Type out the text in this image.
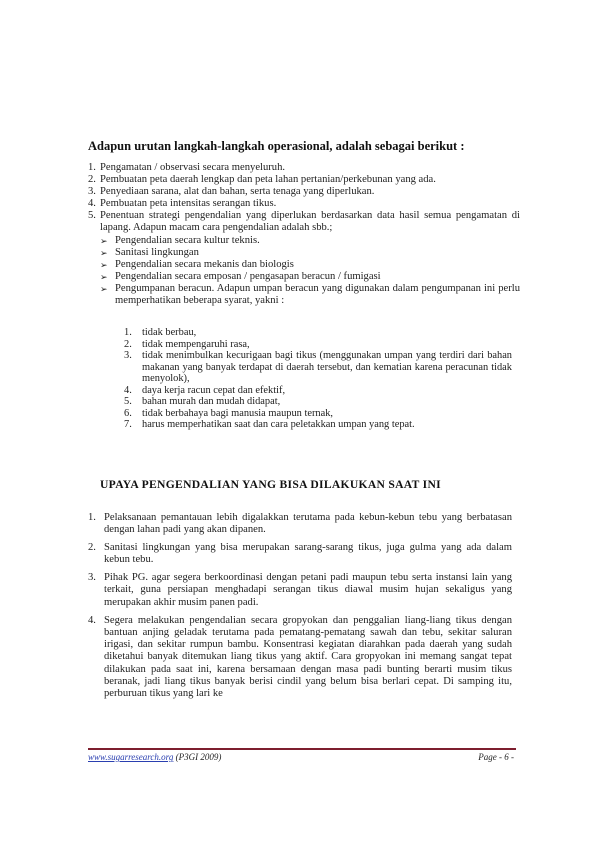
Adapun urutan langkah-langkah operasional, adalah sebagai berikut :
1. Pengamatan / observasi secara menyeluruh.
2. Pembuatan peta daerah lengkap dan peta lahan pertanian/perkebunan yang ada.
3. Penyediaan sarana, alat dan bahan, serta tenaga yang diperlukan.
4. Pembuatan peta intensitas serangan tikus.
5. Penentuan strategi pengendalian yang diperlukan berdasarkan data hasil semua pengamatan di lapang. Adapun macam cara pengendalian adalah sbb.;
➢ Pengendalian secara kultur teknis.
➢ Sanitasi lingkungan
➢ Pengendalian secara mekanis dan biologis
➢ Pengendalian secara emposan / pengasapan beracun / fumigasi
➢ Pengumpanan beracun. Adapun umpan beracun yang digunakan dalam pengumpanan ini perlu memperhatikan beberapa syarat, yakni :
1. tidak berbau,
2. tidak mempengaruhi rasa,
3. tidak menimbulkan kecurigaan bagi tikus (menggunakan umpan yang terdiri dari bahan makanan yang banyak terdapat di daerah tersebut, dan kematian karena peracunan tidak menyolok),
4. daya kerja racun cepat dan efektif,
5. bahan murah dan mudah didapat,
6. tidak berbahaya bagi manusia maupun ternak,
7. harus memperhatikan saat dan cara peletakkan umpan yang tepat.
UPAYA PENGENDALIAN YANG BISA DILAKUKAN SAAT INI
1. Pelaksanaan pemantauan lebih digalakkan terutama pada kebun-kebun tebu yang berbatasan dengan lahan padi yang akan dipanen.
2. Sanitasi lingkungan yang bisa merupakan sarang-sarang tikus, juga gulma yang ada dalam kebun tebu.
3. Pihak PG. agar segera berkoordinasi dengan petani padi maupun tebu serta instansi lain yang terkait, guna persiapan menghadapi serangan tikus diawal musim hujan sekaligus yang merupakan akhir musim panen padi.
4. Segera melakukan pengendalian secara gropyokan dan penggalian liang-liang tikus dengan bantuan anjing geladak terutama pada pematang-pematang sawah dan tebu, sekitar saluran irigasi, dan sekitar rumpun bambu. Konsentrasi kegiatan diarahkan pada daerah yang sudah diketahui banyak ditemukan liang tikus yang aktif. Cara gropyokan ini memang sangat tepat dilakukan pada saat ini, karena bersamaan dengan masa padi bunting berarti musim tikus beranak, jadi liang tikus banyak berisi cindil yang belum bisa berlari cepat. Di samping itu, perburuan tikus yang lari ke
www.sugarresearch.org (P3GI 2009)	Page - 6 -
